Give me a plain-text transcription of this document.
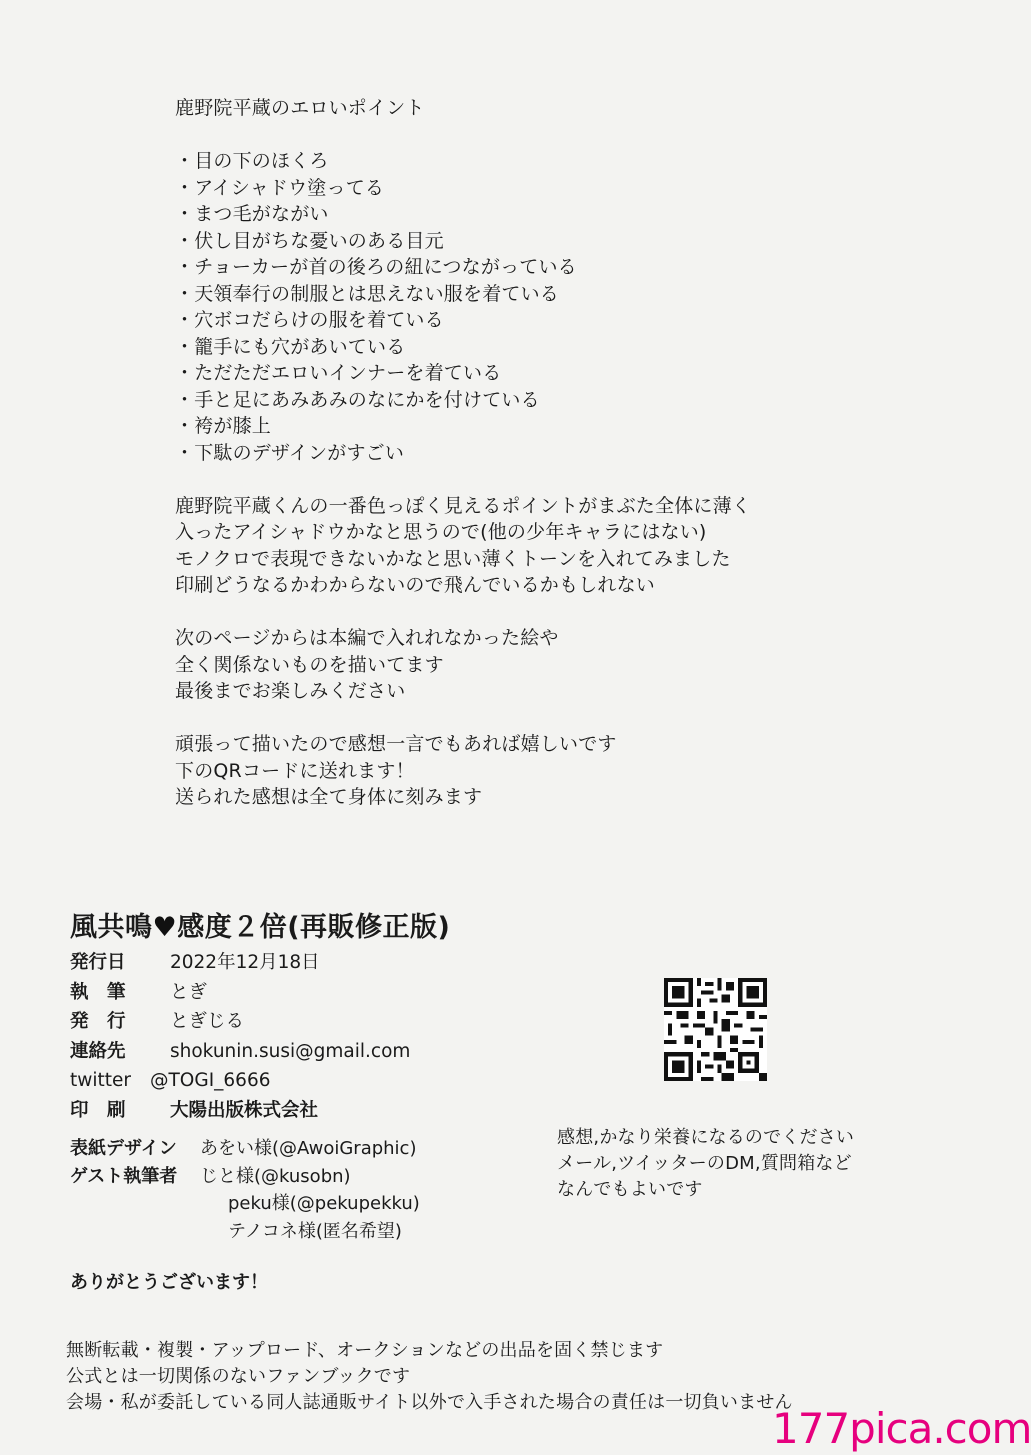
鹿野院平蔵のエロいポイント

・目の下のほくろ
・アイシャドウ塗ってる
・まつ毛がながい
・伏し目がちな憂いのある目元
・チョーカーが首の後ろの紐につながっている
・天領奉行の制服とは思えない服を着ている
・穴ボコだらけの服を着ている
・籠手にも穴があいている
・ただただエロいインナーを着ている
・手と足にあみあみのなにかを付けている
・袴が膝上
・下駄のデザインがすごい

鹿野院平蔵くんの一番色っぽく見えるポイントがまぶた全体に薄く
入ったアイシャドウかなと思うので(他の少年キャラにはない)
モノクロで表現できないかなと思い薄くトーンを入れてみました
印刷どうなるかわからないので飛んでいるかもしれない

次のページからは本編で入れれなかった絵や
全く関係ないものを描いてます
最後までお楽しみください

頑張って描いたので感想一言でもあれば嬉しいです
下のQRコードに送れます！
送られた感想は全て身体に刻みます
風共鳴♥感度２倍(再販修正版)
発行日	2022年12月18日
執　筆	とぎ
発　行	とぎじる
連絡先	shokunin.susi@gmail.com
twitter	@TOGI_6666
印　刷	大陽出版株式会社
表紙デザイン	あをい様(@AwoiGraphic)
ゲスト執筆者	じと様(@kusobn)
peku様(@pekupekku)
テノコネ様(匿名希望)
ありがとうございます！
感想,かなり栄養になるのでください
メール,ツイッターのDM,質問箱など
なんでもよいです
無断転載・複製・アップロード、オークションなどの出品を固く禁じます
公式とは一切関係のないファンブックです
会場・私が委託している同人誌通販サイト以外で入手された場合の責任は一切負いません
177pica.com
